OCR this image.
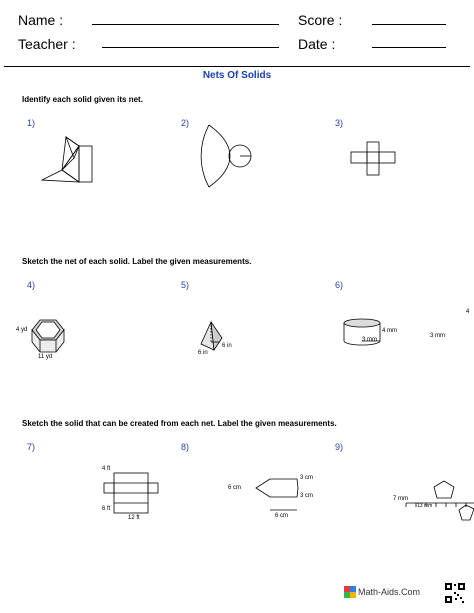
Name :	Score :
Teacher :	Date :
Nets Of Solids
Identify each solid given its net.
1)	2)	3)
Sketch the net of each solid. Label the given measurements.
4)	5)	6)
4 yd
11 yd
6 in
6 in
4 mm
3 mm
3 mm
4
Sketch the solid that can be created from each net. Label the given measurements.
7)	8)	9)
4 ft
6 ft
12 ft
6 cm
3 cm
3 cm
6 cm
7 mm
13 mm
Math-Aids.Com
